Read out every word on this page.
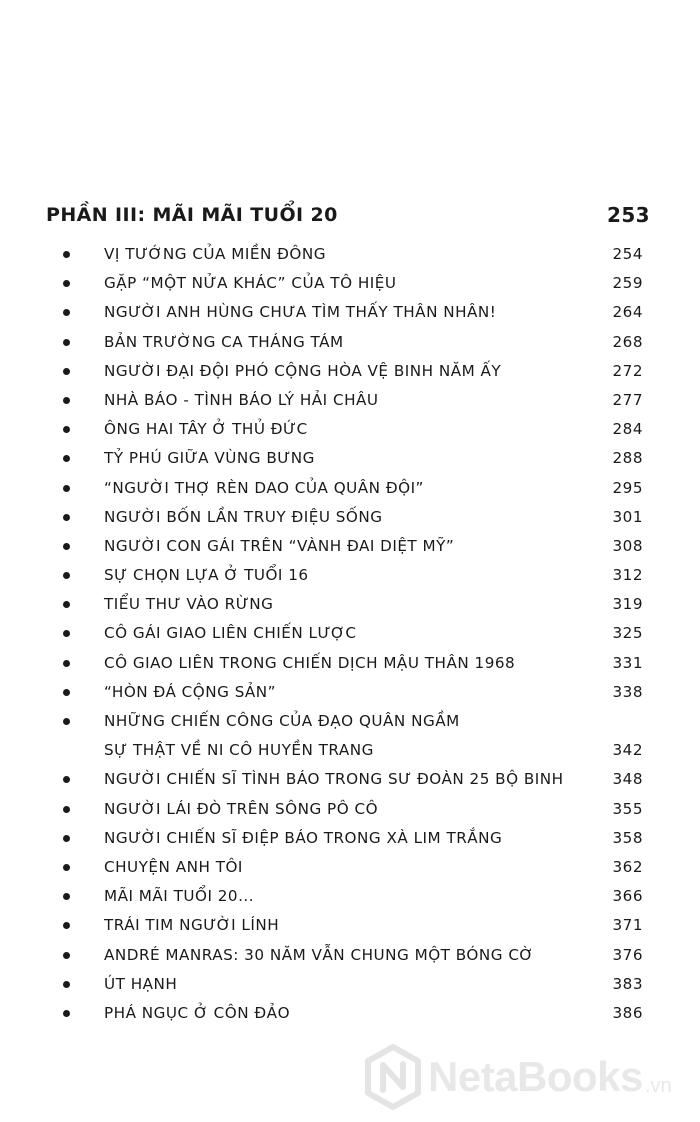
PHẦN III: MÃI MÃI TUỔI 20	253
VỊ TƯỚNG CỦA MIỀN ĐÔNG	254
GẶP “MỘT NỬA KHÁC” CỦA TÔ HIỆU	259
NGƯỜI ANH HÙNG CHƯA TÌM THẤY THÂN NHÂN!	264
BẢN TRƯỜNG CA THÁNG TÁM	268
NGƯỜI ĐẠI ĐỘI PHÓ CỘNG HÒA VỆ BINH NĂM ẤY	272
NHÀ BÁO - TÌNH BÁO LÝ HẢI CHÂU	277
ÔNG HAI TÂY Ở THỦ ĐỨC	284
TỶ PHÚ GIỮA VÙNG BƯNG	288
“NGƯỜI THỢ RÈN DAO CỦA QUÂN ĐỘI”	295
NGƯỜI BỐN LẦN TRUY ĐIỆU SỐNG	301
NGƯỜI CON GÁI TRÊN “VÀNH ĐAI DIỆT MỸ”	308
SỰ CHỌN LỰA Ở TUỔI 16	312
TIỂU THƯ VÀO RỪNG	319
CÔ GÁI GIAO LIÊN CHIẾN LƯỢC	325
CÔ GIAO LIÊN TRONG CHIẾN DỊCH MẬU THÂN 1968	331
“HÒN ĐÁ CỘNG SẢN”	338
NHỮNG CHIẾN CÔNG CỦA ĐẠO QUÂN NGẦM
SỰ THẬT VỀ NI CÔ HUYỀN TRANG	342
NGƯỜI CHIẾN SĨ TÌNH BÁO TRONG SƯ ĐOÀN 25 BỘ BINH	348
NGƯỜI LÁI ĐÒ TRÊN SÔNG PÔ CÔ	355
NGƯỜI CHIẾN SĨ ĐIỆP BÁO TRONG XÀ LIM TRẮNG	358
CHUYỆN ANH TÔI	362
MÃI MÃI TUỔI 20...	366
TRÁI TIM NGƯỜI LÍNH	371
ANDRÉ MANRAS: 30 NĂM VẪN CHUNG MỘT BÓNG CỜ	376
ÚT HẠNH	383
PHÁ NGỤC Ở CÔN ĐẢO	386
NetaBooks .vn
